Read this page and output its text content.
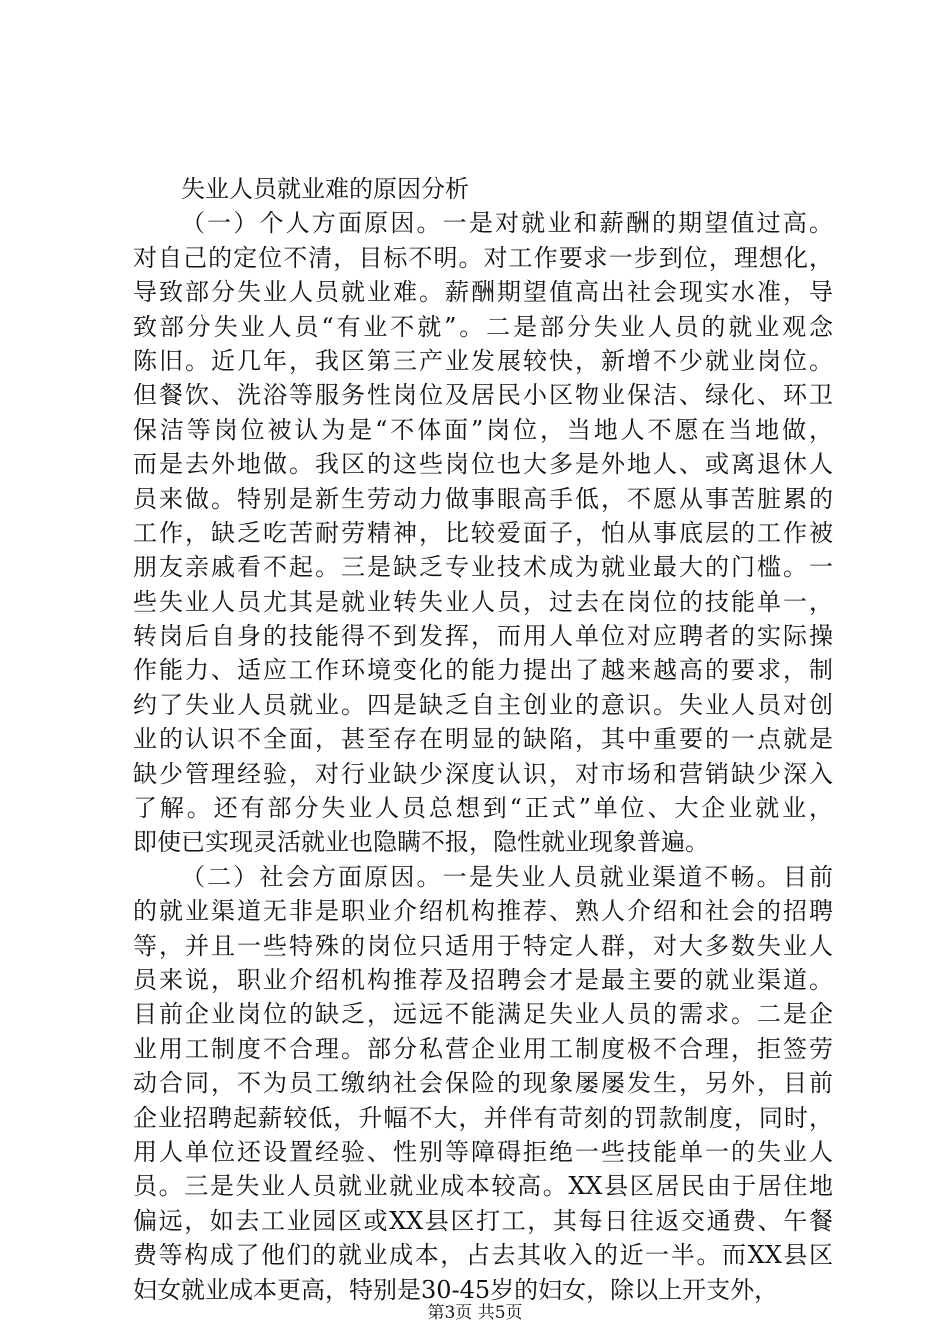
失业人员就业难的原因分析

（一）个人方面原因。一是对就业和薪酬的期望值过高。
对自己的定位不清，目标不明。对工作要求一步到位，理想化，
导致部分失业人员就业难。薪酬期望值高出社会现实水准，导
致部分失业人员“有业不就”。二是部分失业人员的就业观念
陈旧。近几年，我区第三产业发展较快，新增不少就业岗位。
但餐饮、洗浴等服务性岗位及居民小区物业保洁、绿化、环卫
保洁等岗位被认为是“不体面”岗位，当地人不愿在当地做，
而是去外地做。我区的这些岗位也大多是外地人、或离退休人
员来做。特别是新生劳动力做事眼高手低，不愿从事苦脏累的
工作，缺乏吃苦耐劳精神，比较爱面子，怕从事底层的工作被
朋友亲戚看不起。三是缺乏专业技术成为就业最大的门槛。一
些失业人员尤其是就业转失业人员，过去在岗位的技能单一，
转岗后自身的技能得不到发挥，而用人单位对应聘者的实际操
作能力、适应工作环境变化的能力提出了越来越高的要求，制
约了失业人员就业。四是缺乏自主创业的意识。失业人员对创
业的认识不全面，甚至存在明显的缺陷，其中重要的一点就是
缺少管理经验，对行业缺少深度认识，对市场和营销缺少深入
了解。还有部分失业人员总想到“正式”单位、大企业就业，
即使已实现灵活就业也隐瞒不报，隐性就业现象普遍。

（二）社会方面原因。一是失业人员就业渠道不畅。目前
的就业渠道无非是职业介绍机构推荐、熟人介绍和社会的招聘
等，并且一些特殊的岗位只适用于特定人群，对大多数失业人
员来说，职业介绍机构推荐及招聘会才是最主要的就业渠道。
目前企业岗位的缺乏，远远不能满足失业人员的需求。二是企
业用工制度不合理。部分私营企业用工制度极不合理，拒签劳
动合同，不为员工缴纳社会保险的现象屡屡发生，另外，目前
企业招聘起薪较低，升幅不大，并伴有苛刻的罚款制度，同时，
用人单位还设置经验、性别等障碍拒绝一些技能单一的失业人
员。三是失业人员就业就业成本较高。XX县区居民由于居住地
偏远，如去工业园区或XX县区打工，其每日往返交通费、午餐
费等构成了他们的就业成本，占去其收入的近一半。而XX县区
妇女就业成本更高，特别是30-45岁的妇女，除以上开支外，

第3页 共5页
